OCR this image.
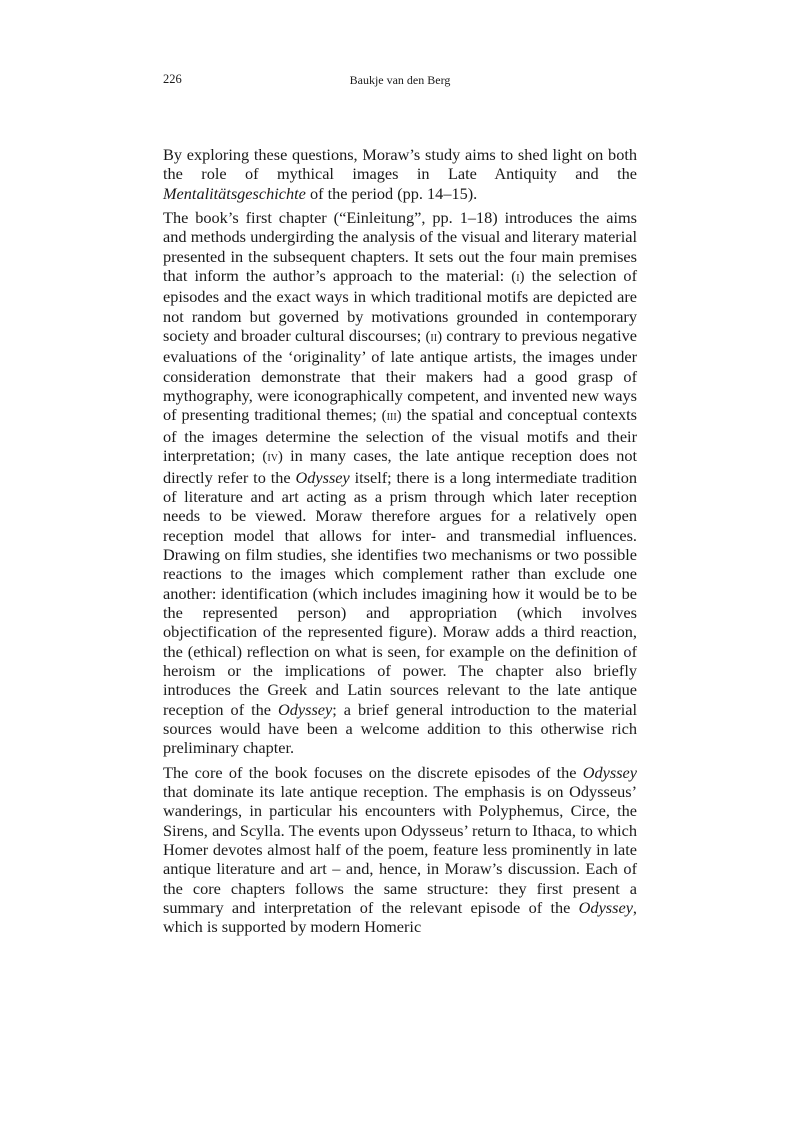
226	Baukje van den Berg

By exploring these questions, Moraw’s study aims to shed light on both the role of mythical images in Late Antiquity and the Mentalitätsgeschichte of the period (pp. 14–15).

The book’s first chapter (“Einleitung”, pp. 1–18) introduces the aims and methods undergirding the analysis of the visual and literary material presented in the subsequent chapters. It sets out the four main premises that inform the author’s approach to the material: (i) the selection of episodes and the exact ways in which traditional motifs are depicted are not random but governed by motivations grounded in contemporary society and broader cultural discourses; (ii) contrary to previous negative evaluations of the ‘originality’ of late antique artists, the images under consideration demonstrate that their makers had a good grasp of mythography, were iconographically competent, and invented new ways of presenting traditional themes; (iii) the spatial and conceptual contexts of the images determine the selection of the visual motifs and their interpretation; (iv) in many cases, the late antique reception does not directly refer to the Odyssey itself; there is a long intermediate tradition of literature and art acting as a prism through which later reception needs to be viewed. Moraw therefore argues for a relatively open reception model that allows for inter- and transmedial influences. Drawing on film studies, she identifies two mechanisms or two possible reactions to the images which complement rather than exclude one another: identification (which includes imagining how it would be to be the represented person) and appropriation (which involves objectification of the represented figure). Moraw adds a third reaction, the (ethical) reflection on what is seen, for example on the definition of heroism or the implications of power. The chapter also briefly introduces the Greek and Latin sources relevant to the late antique reception of the Odyssey; a brief general introduction to the material sources would have been a welcome addition to this otherwise rich preliminary chapter.

The core of the book focuses on the discrete episodes of the Odyssey that dominate its late antique reception. The emphasis is on Odysseus’ wanderings, in particular his encounters with Polyphemus, Circe, the Sirens, and Scylla. The events upon Odysseus’ return to Ithaca, to which Homer devotes almost half of the poem, feature less prominently in late antique literature and art – and, hence, in Moraw’s discussion. Each of the core chapters follows the same structure: they first present a summary and interpretation of the relevant episode of the Odyssey, which is supported by modern Homeric
